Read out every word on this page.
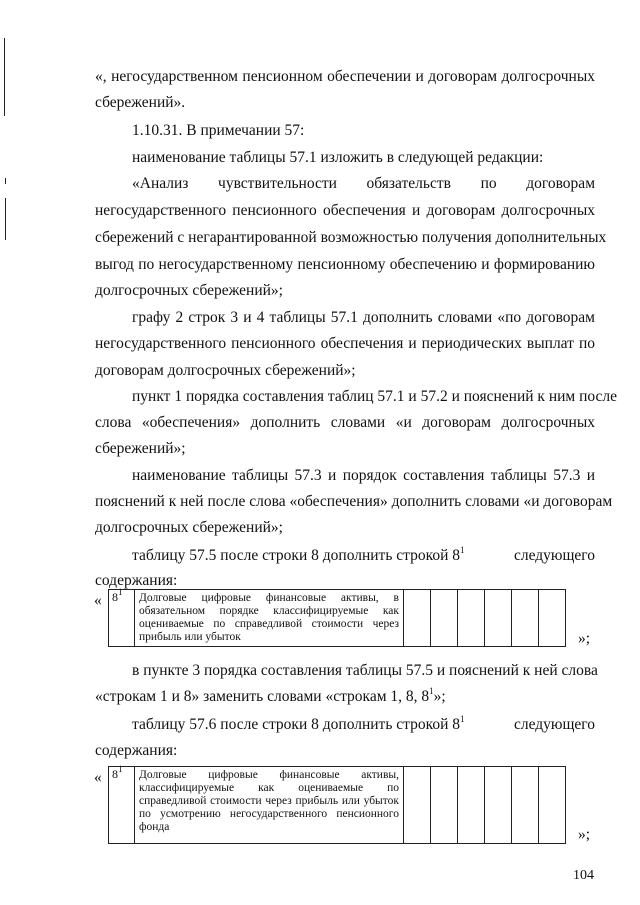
«, негосударственном пенсионном обеспечении и договорам долгосрочных
сбережений».
1.10.31. В примечании 57:
наименование таблицы 57.1 изложить в следующей редакции:
«Анализ чувствительности обязательств по договорам
негосударственного пенсионного обеспечения и договорам долгосрочных
сбережений с негарантированной возможностью получения дополнительных
выгод по негосударственному пенсионному обеспечению и формированию
долгосрочных сбережений»;
графу 2 строк 3 и 4 таблицы 57.1 дополнить словами «по договорам
негосударственного пенсионного обеспечения и периодических выплат по
договорам долгосрочных сбережений»;
пункт 1 порядка составления таблиц 57.1 и 57.2 и пояснений к ним после
слова «обеспечения» дополнить словами «и договорам долгосрочных
сбережений»;
наименование таблицы 57.3 и порядок составления таблицы 57.3 и
пояснений к ней после слова «обеспечения» дополнить словами «и договорам
долгосрочных сбережений»;
таблицу 57.5 после строки 8 дополнить строкой $8^1$	следующего
содержания:
« $8^1$	Долговые цифровые финансовые активы, в обязательном порядке классифицируемые как оцениваемые по справедливой стоимости через прибыль или убыток							»;
в пункте 3 порядка составления таблицы 57.5 и пояснений к ней слова
«строкам 1 и 8» заменить словами «строкам 1, 8, $8^1$»;
таблицу 57.6 после строки 8 дополнить строкой $8^1$	следующего
содержания:
« $8^1$	Долговые цифровые финансовые активы, классифицируемые как оцениваемые по справедливой стоимости через прибыль или убыток по усмотрению негосударственного пенсионного фонда							»;
104
